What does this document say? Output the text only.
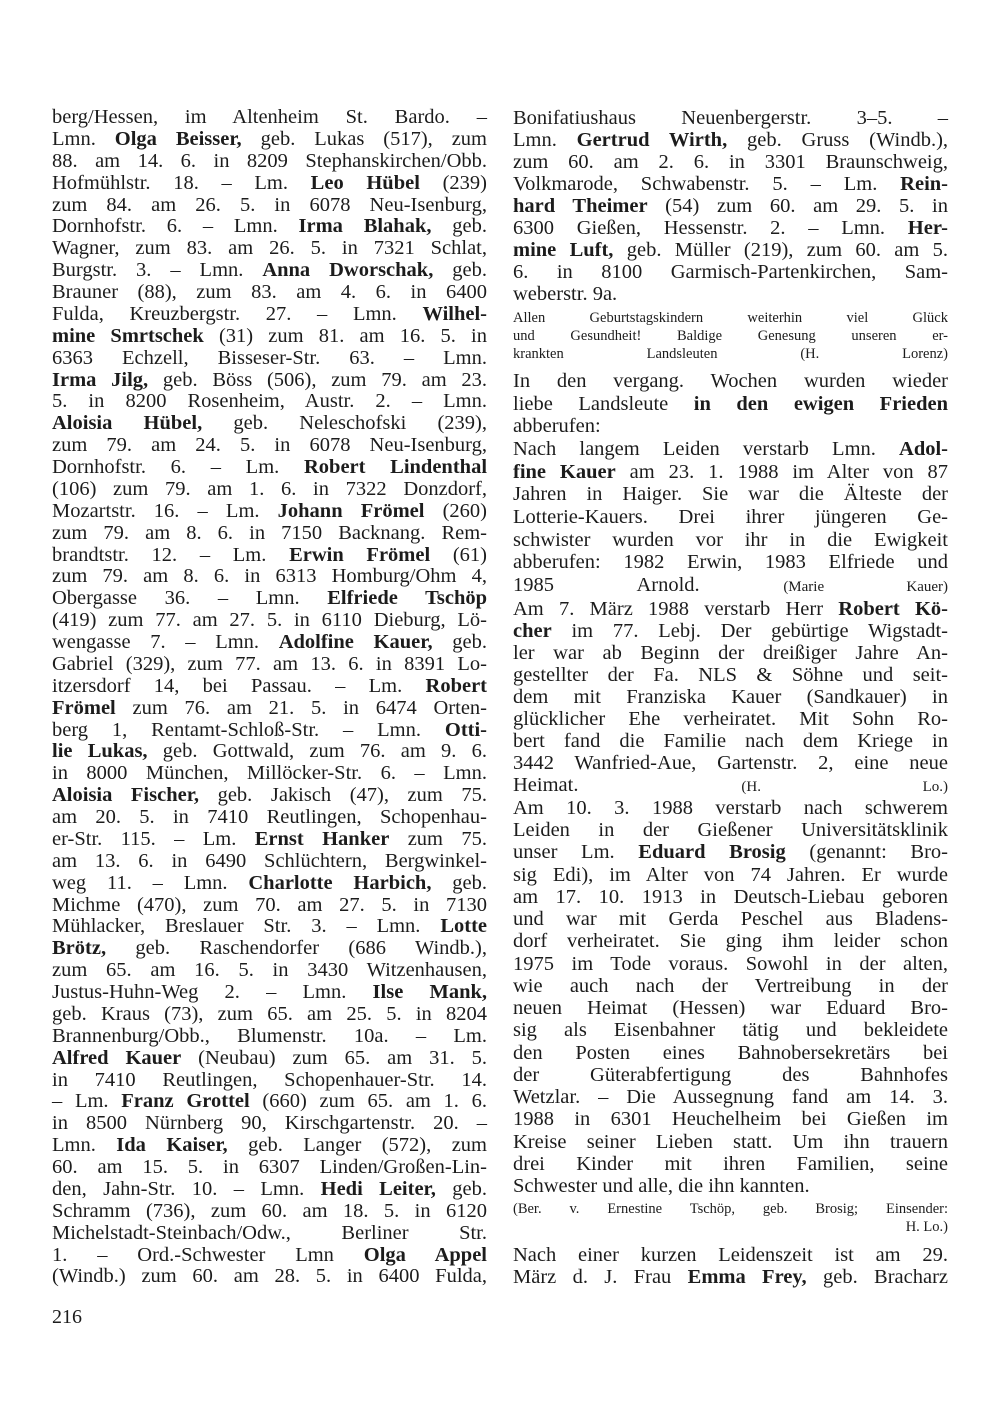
berg/Hessen, im Altenheim St. Bardo. –
Lmn. Olga Beisser, geb. Lukas (517), zum
88. am 14. 6. in 8209 Stephanskirchen/Obb.
Hofmühlstr. 18. – Lm. Leo Hübel (239)
zum 84. am 26. 5. in 6078 Neu-Isenburg,
Dornhofstr. 6. – Lmn. Irma Blahak, geb.
Wagner, zum 83. am 26. 5. in 7321 Schlat,
Burgstr. 3. – Lmn. Anna Dworschak, geb.
Brauner (88), zum 83. am 4. 6. in 6400
Fulda, Kreuzbergstr. 27. – Lmn. Wilhel-
mine Smrtschek (31) zum 81. am 16. 5. in
6363 Echzell, Bisseser-Str. 63. – Lmn.
Irma Jilg, geb. Böss (506), zum 79. am 23.
5. in 8200 Rosenheim, Austr. 2. – Lmn.
Aloisia Hübel, geb. Neleschofski (239),
zum 79. am 24. 5. in 6078 Neu-Isenburg,
Dornhofstr. 6. – Lm. Robert Lindenthal
(106) zum 79. am 1. 6. in 7322 Donzdorf,
Mozartstr. 16. – Lm. Johann Frömel (260)
zum 79. am 8. 6. in 7150 Backnang. Rem-
brandtstr. 12. – Lm. Erwin Frömel (61)
zum 79. am 8. 6. in 6313 Homburg/Ohm 4,
Obergasse 36. – Lmn. Elfriede Tschöp
(419) zum 77. am 27. 5. in 6110 Dieburg, Lö-
wengasse 7. – Lmn. Adolfine Kauer, geb.
Gabriel (329), zum 77. am 13. 6. in 8391 Lo-
itzersdorf 14, bei Passau. – Lm. Robert
Frömel zum 76. am 21. 5. in 6474 Orten-
berg 1, Rentamt-Schloß-Str. – Lmn. Otti-
lie Lukas, geb. Gottwald, zum 76. am 9. 6.
in 8000 München, Millöcker-Str. 6. – Lmn.
Aloisia Fischer, geb. Jakisch (47), zum 75.
am 20. 5. in 7410 Reutlingen, Schopenhau-
er-Str. 115. – Lm. Ernst Hanker zum 75.
am 13. 6. in 6490 Schlüchtern, Bergwinkel-
weg 11. – Lmn. Charlotte Harbich, geb.
Michme (470), zum 70. am 27. 5. in 7130
Mühlacker, Breslauer Str. 3. – Lmn. Lotte
Brötz, geb. Raschendorfer (686 Windb.),
zum 65. am 16. 5. in 3430 Witzenhausen,
Justus-Huhn-Weg 2. – Lmn. Ilse Mank,
geb. Kraus (73), zum 65. am 25. 5. in 8204
Brannenburg/Obb., Blumenstr. 10a. – Lm.
Alfred Kauer (Neubau) zum 65. am 31. 5.
in 7410 Reutlingen, Schopenhauer-Str. 14.
– Lm. Franz Grottel (660) zum 65. am 1. 6.
in 8500 Nürnberg 90, Kirschgartenstr. 20. –
Lmn. Ida Kaiser, geb. Langer (572), zum
60. am 15. 5. in 6307 Linden/Großen-Lin-
den, Jahn-Str. 10. – Lmn. Hedi Leiter, geb.
Schramm (736), zum 60. am 18. 5. in 6120
Michelstadt-Steinbach/Odw., Berliner Str.
1. – Ord.-Schwester Lmn Olga Appel
(Windb.) zum 60. am 28. 5. in 6400 Fulda,
Bonifatiushaus Neuenbergerstr. 3–5. –
Lmn. Gertrud Wirth, geb. Gruss (Windb.),
zum 60. am 2. 6. in 3301 Braunschweig,
Volkmarode, Schwabenstr. 5. – Lm. Rein-
hard Theimer (54) zum 60. am 29. 5. in
6300 Gießen, Hessenstr. 2. – Lmn. Her-
mine Luft, geb. Müller (219), zum 60. am 5.
6. in 8100 Garmisch-Partenkirchen, Sam-
weberstr. 9a.
Allen Geburtstagskindern weiterhin viel Glück
und Gesundheit! Baldige Genesung unseren er-
krankten Landsleuten (H. Lorenz)
In den vergang. Wochen wurden wieder
liebe Landsleute in den ewigen Frieden
abberufen:
Nach langem Leiden verstarb Lmn. Adol-
fine Kauer am 23. 1. 1988 im Alter von 87
Jahren in Haiger. Sie war die Älteste der
Lotterie-Kauers. Drei ihrer jüngeren Ge-
schwister wurden vor ihr in die Ewigkeit
abberufen: 1982 Erwin, 1983 Elfriede und
1985 Arnold. (Marie Kauer)
Am 7. März 1988 verstarb Herr Robert Kö-
cher im 77. Lebj. Der gebürtige Wigstadt-
ler war ab Beginn der dreißiger Jahre An-
gestellter der Fa. NLS & Söhne und seit-
dem mit Franziska Kauer (Sandkauer) in
glücklicher Ehe verheiratet. Mit Sohn Ro-
bert fand die Familie nach dem Kriege in
3442 Wanfried-Aue, Gartenstr. 2, eine neue
Heimat. (H. Lo.)
Am 10. 3. 1988 verstarb nach schwerem
Leiden in der Gießener Universitätsklinik
unser Lm. Eduard Brosig (genannt: Bro-
sig Edi), im Alter von 74 Jahren. Er wurde
am 17. 10. 1913 in Deutsch-Liebau geboren
und war mit Gerda Peschel aus Bladens-
dorf verheiratet. Sie ging ihm leider schon
1975 im Tode voraus. Sowohl in der alten,
wie auch nach der Vertreibung in der
neuen Heimat (Hessen) war Eduard Bro-
sig als Eisenbahner tätig und bekleidete
den Posten eines Bahnobersekretärs bei
der Güterabfertigung des Bahnhofes
Wetzlar. – Die Aussegnung fand am 14. 3.
1988 in 6301 Heuchelheim bei Gießen im
Kreise seiner Lieben statt. Um ihn trauern
drei Kinder mit ihren Familien, seine
Schwester und alle, die ihn kannten.
(Ber. v. Ernestine Tschöp, geb. Brosig; Einsender:
H. Lo.)
Nach einer kurzen Leidenszeit ist am 29.
März d. J. Frau Emma Frey, geb. Bracharz
216
